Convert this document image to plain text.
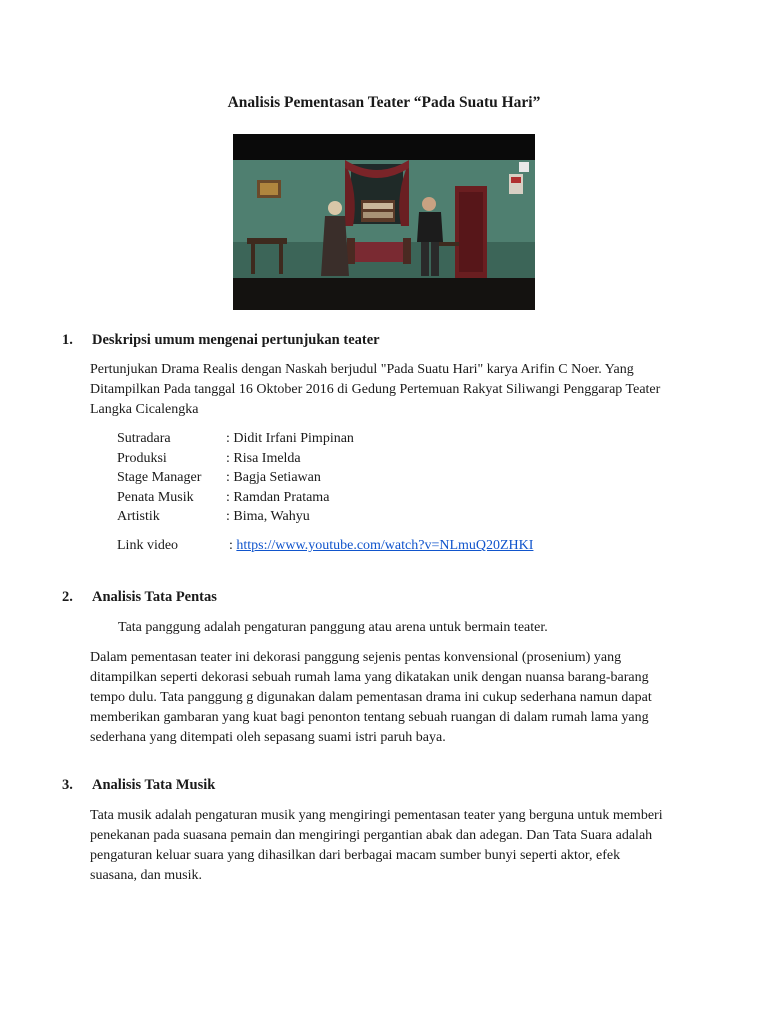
Analisis Pementasan Teater “Pada Suatu Hari”
1. Deskripsi umum mengenai pertunjukan teater
Pertunjukan Drama Realis dengan Naskah berjudul "Pada Suatu Hari" karya Arifin C Noer. Yang Ditampilkan Pada tanggal 16 Oktober 2016 di Gedung Pertemuan Rakyat Siliwangi Penggarap Teater Langka Cicalengka
Sutradara	: Didit Irfani Pimpinan
Produksi	: Risa Imelda
Stage Manager : Bagja Setiawan
Penata Musik : Ramdan Pratama
Artistik	: Bima, Wahyu
Link video	: https://www.youtube.com/watch?v=NLmuQ20ZHKI
2. Analisis Tata Pentas
Tata panggung adalah pengaturan panggung atau arena untuk bermain teater.
Dalam pementasan teater ini dekorasi panggung sejenis pentas konvensional (prosenium) yang ditampilkan seperti dekorasi sebuah rumah lama yang dikatakan unik dengan nuansa barang-barang tempo dulu. Tata panggung g digunakan dalam pementasan drama ini cukup sederhana namun dapat memberikan gambaran yang kuat bagi penonton tentang sebuah ruangan di dalam rumah lama yang sederhana yang ditempati oleh sepasang suami istri paruh baya.
3. Analisis Tata Musik
Tata musik adalah pengaturan musik yang mengiringi pementasan teater yang berguna untuk memberi penekanan pada suasana pemain dan mengiringi pergantian abak dan adegan. Dan Tata Suara adalah pengaturan keluar suara yang dihasilkan dari berbagai macam sumber bunyi seperti aktor, efek suasana, dan musik.
